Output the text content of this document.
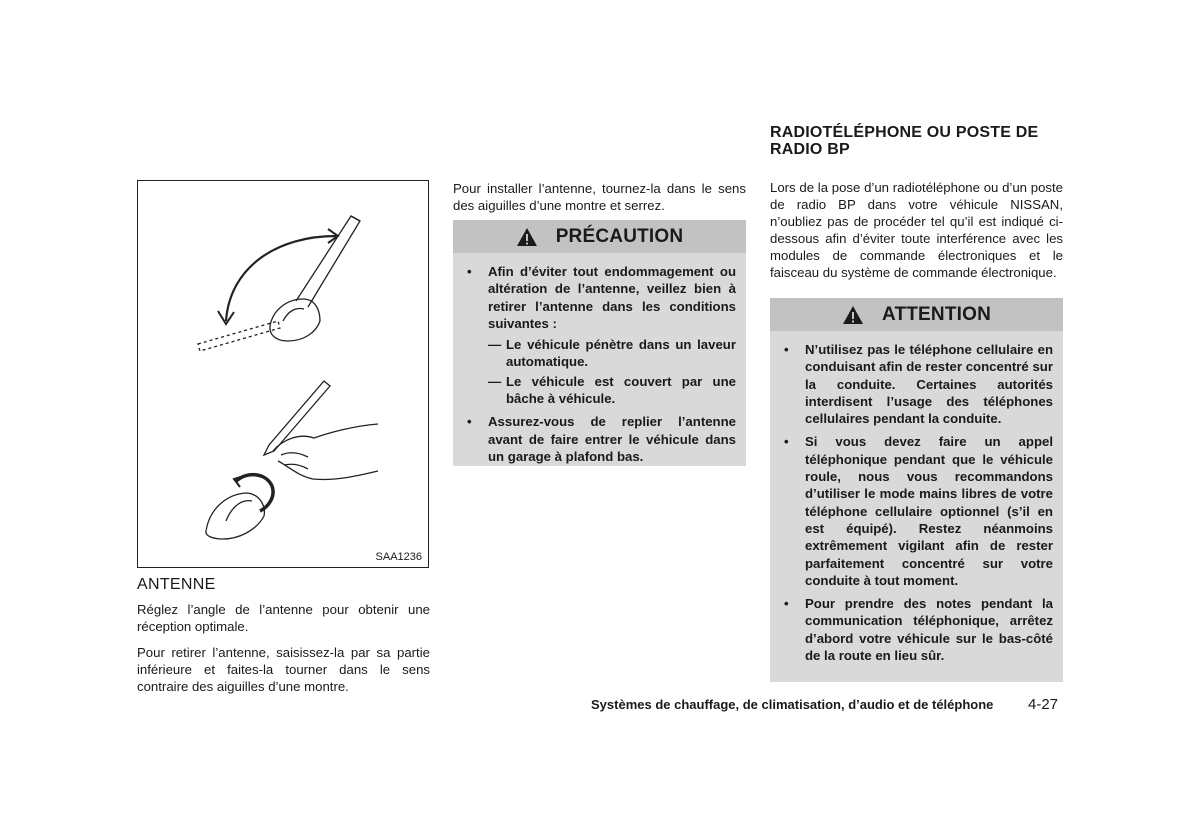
SAA1236
ANTENNE

Réglez l’angle de l’antenne pour obtenir une réception optimale.

Pour retirer l’antenne, saisissez-la par sa partie inférieure et faites-la tourner dans le sens contraire des aiguilles d’une montre.

Pour installer l’antenne, tournez-la dans le sens des aiguilles d’une montre et serrez.

PRÉCAUTION
• Afin d’éviter tout endommagement ou altération de l’antenne, veillez bien à retirer l’antenne dans les conditions suivantes :
— Le véhicule pénètre dans un laveur automatique.
— Le véhicule est couvert par une bâche à véhicule.
• Assurez-vous de replier l’antenne avant de faire entrer le véhicule dans un garage à plafond bas.
RADIOTÉLÉPHONE OU POSTE DE RADIO BP

Lors de la pose d’un radiotéléphone ou d’un poste de radio BP dans votre véhicule NISSAN, n’oubliez pas de procéder tel qu’il est indiqué ci-dessous afin d’éviter toute interférence avec les modules de commande électroniques et le faisceau du système de commande électronique.

ATTENTION
• N’utilisez pas le téléphone cellulaire en conduisant afin de rester concentré sur la conduite. Certaines autorités interdisent l’usage des téléphones cellulaires pendant la conduite.
• Si vous devez faire un appel téléphonique pendant que le véhicule roule, nous vous recommandons d’utiliser le mode mains libres de votre téléphone cellulaire optionnel (s’il en est équipé). Restez néanmoins extrêmement vigilant afin de rester parfaitement concentré sur votre conduite à tout moment.
• Pour prendre des notes pendant la communication téléphonique, arrêtez d’abord votre véhicule sur le bas-côté de la route en lieu sûr.
Systèmes de chauffage, de climatisation, d’audio et de téléphone 4-27
